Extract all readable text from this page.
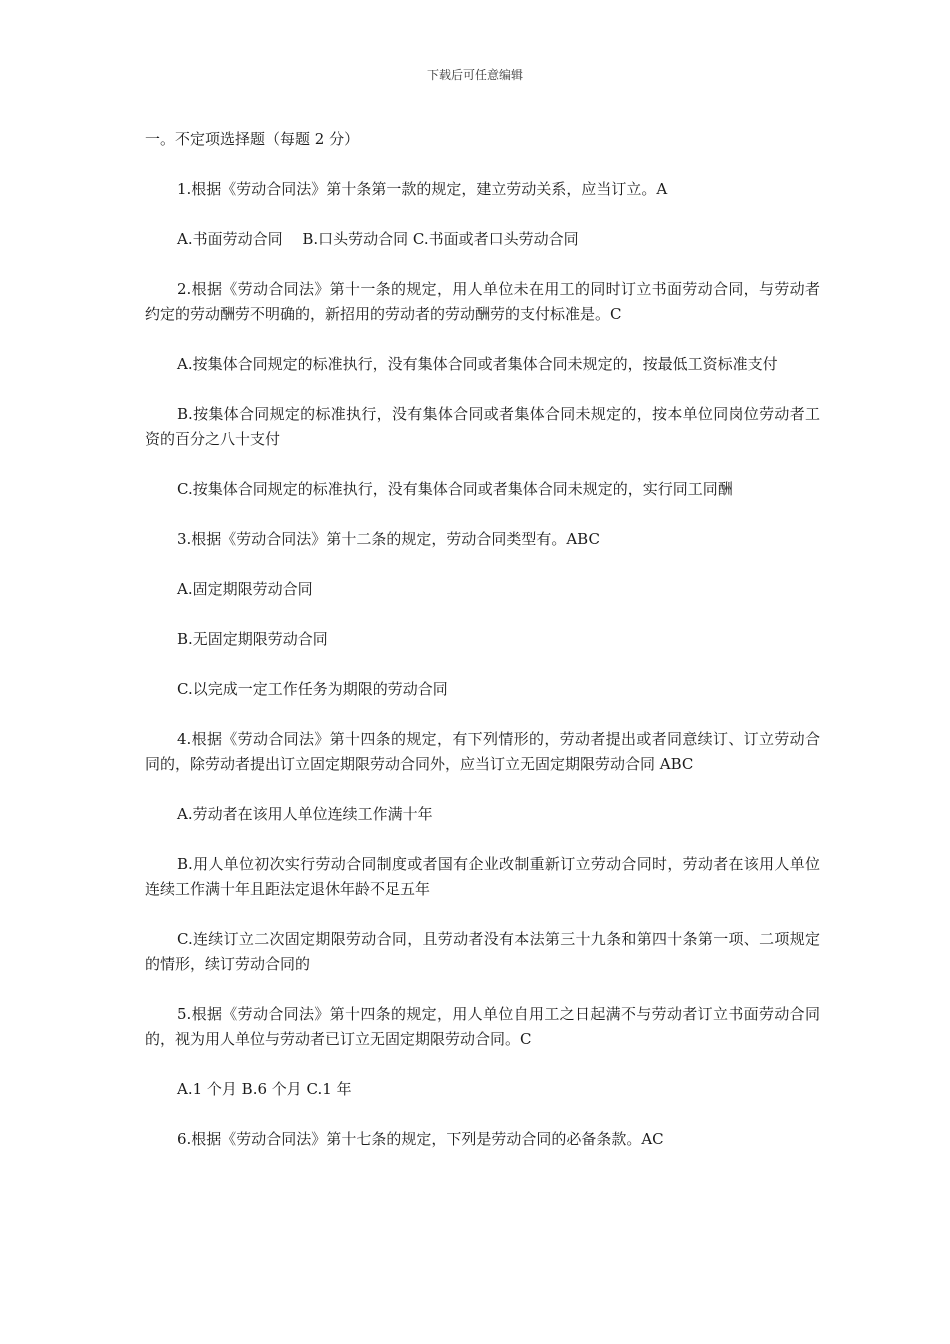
下载后可任意编辑

一。不定项选择题（每题 2 分）

1.根据《劳动合同法》第十条第一款的规定，建立劳动关系，应当订立。A

A.书面劳动合同　 B.口头劳动合同 C.书面或者口头劳动合同

2.根据《劳动合同法》第十一条的规定，用人单位未在用工的同时订立书面劳动合同，与劳动者约定的劳动酬劳不明确的，新招用的劳动者的劳动酬劳的支付标准是。C

A.按集体合同规定的标准执行，没有集体合同或者集体合同未规定的，按最低工资标准支付

B.按集体合同规定的标准执行，没有集体合同或者集体合同未规定的，按本单位同岗位劳动者工资的百分之八十支付

C.按集体合同规定的标准执行，没有集体合同或者集体合同未规定的，实行同工同酬

3.根据《劳动合同法》第十二条的规定，劳动合同类型有。ABC

A.固定期限劳动合同

B.无固定期限劳动合同

C.以完成一定工作任务为期限的劳动合同

4.根据《劳动合同法》第十四条的规定，有下列情形的，劳动者提出或者同意续订、订立劳动合同的，除劳动者提出订立固定期限劳动合同外，应当订立无固定期限劳动合同 ABC

A.劳动者在该用人单位连续工作满十年

B.用人单位初次实行劳动合同制度或者国有企业改制重新订立劳动合同时，劳动者在该用人单位连续工作满十年且距法定退休年龄不足五年

C.连续订立二次固定期限劳动合同，且劳动者没有本法第三十九条和第四十条第一项、二项规定的情形，续订劳动合同的

5.根据《劳动合同法》第十四条的规定，用人单位自用工之日起满不与劳动者订立书面劳动合同的，视为用人单位与劳动者已订立无固定期限劳动合同。C

A.1 个月 B.6 个月 C.1 年

6.根据《劳动合同法》第十七条的规定，下列是劳动合同的必备条款。AC
